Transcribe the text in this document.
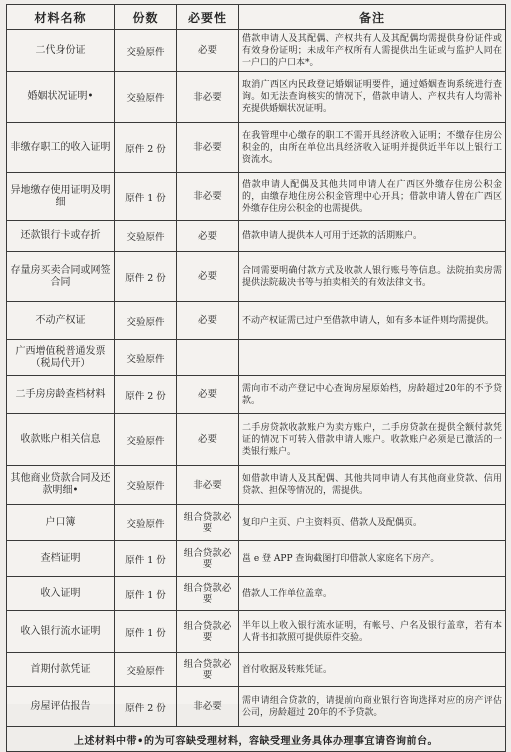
材料名称	份数	必要性	备注
二代身份证	交验原件	必要	借款申请人及其配偶、产权共有人及其配偶均需提供身份证件或有效身份证明；未成年产权所有人需提供出生证或与监护人同在一户口的户口本*。
婚姻状况证明•	交验原件	非必要	取消广西区内民政登记婚姻证明要件，通过婚姻查询系统进行查询。如无法查询核实的情况下，借款申请人、产权共有人均需补充提供婚姻状况证明。
非缴存职工的收入证明	原件 2 份	非必要	在我管理中心缴存的职工不需开具经济收入证明；不缴存住房公积金的，由所在单位出具经济收入证明并提供近半年以上银行工资流水。
异地缴存使用证明及明细	原件 1 份	非必要	借款申请人配偶及其他共同申请人在广西区外缴存住房公积金的，由缴存地住房公积金管理中心开具；借款申请人曾在广西区外缴存住房公积金的也需提供。
还款银行卡或存折	交验原件	必要	借款申请人提供本人可用于还款的活期账户。
存量房买卖合同或网签合同	原件 2 份	必要	合同需要明确付款方式及收款人银行账号等信息。法院拍卖房需提供法院裁决书等与拍卖相关的有效法律文书。
不动产权证	交验原件	必要	不动产权证需已过户至借款申请人，如有多本证件则均需提供。
广西增值税普通发票（税局代开）	交验原件		
二手房房龄查档材料	原件 2 份	必要	需向市不动产登记中心查询房屋原始档，房龄超过20年的不予贷款。
收款账户相关信息	交验原件	必要	二手房贷款收款账户为卖方账户，二手房贷款在提供全额付款凭证的情况下可转入借款申请人账户。收款账户必须是已激活的一类银行账户。
其他商业贷款合同及还款明细•	交验原件	非必要	如借款申请人及其配偶、其他共同申请人有其他商业贷款、信用贷款、担保等情况的，需提供。
户口簿	交验原件	组合贷款必要	复印户主页、户主资料页、借款人及配偶页。
查档证明	原件 1 份	组合贷款必要	邕 e 登 APP 查询截图打印借款人家庭名下房产。
收入证明	原件 1 份	组合贷款必要	借款人工作单位盖章。
收入银行流水证明	原件 1 份	组合贷款必要	半年以上收入银行流水证明，有帐号、户名及银行盖章，若有本人背书扣款照可提供原件交验。
首期付款凭证	交验原件	组合贷款必要	首付收据及转账凭证。
房屋评估报告	原件 2 份	非必要	需申请组合贷款的，请提前向商业银行咨询选择对应的房产评估公司，房龄超过 20年的不予贷款。
上述材料中带•的为可容缺受理材料，容缺受理业务具体办理事宜请咨询前台。			
